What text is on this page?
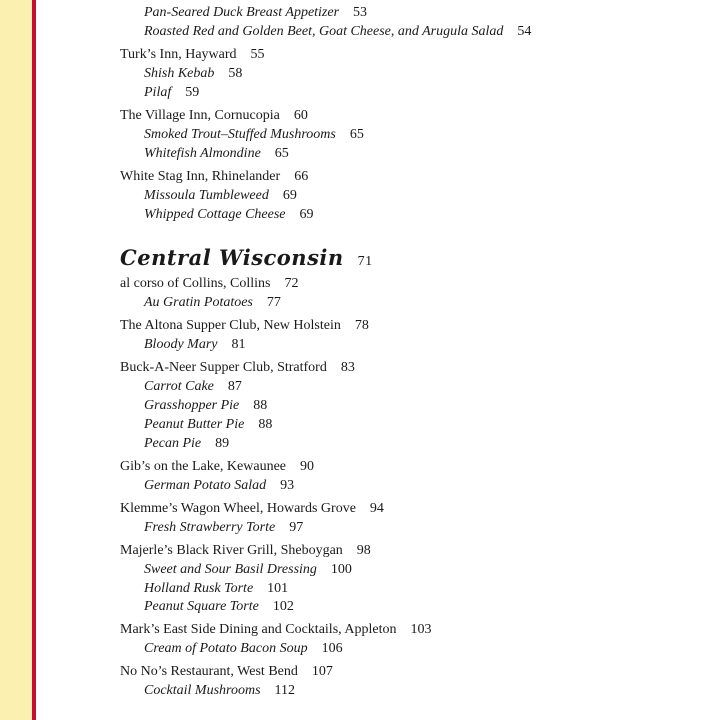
Pan-Seared Duck Breast Appetizer 53
Roasted Red and Golden Beet, Goat Cheese, and Arugula Salad 54
Turk’s Inn, Hayward 55
Shish Kebab 58
Pilaf 59
The Village Inn, Cornucopia 60
Smoked Trout–Stuffed Mushrooms 65
Whitefish Almondine 65
White Stag Inn, Rhinelander 66
Missoula Tumbleweed 69
Whipped Cottage Cheese 69
Central Wisconsin 71
al corso of Collins, Collins 72
Au Gratin Potatoes 77
The Altona Supper Club, New Holstein 78
Bloody Mary 81
Buck-A-Neer Supper Club, Stratford 83
Carrot Cake 87
Grasshopper Pie 88
Peanut Butter Pie 88
Pecan Pie 89
Gib’s on the Lake, Kewaunee 90
German Potato Salad 93
Klemme’s Wagon Wheel, Howards Grove 94
Fresh Strawberry Torte 97
Majerle’s Black River Grill, Sheboygan 98
Sweet and Sour Basil Dressing 100
Holland Rusk Torte 101
Peanut Square Torte 102
Mark’s East Side Dining and Cocktails, Appleton 103
Cream of Potato Bacon Soup 106
No No’s Restaurant, West Bend 107
Cocktail Mushrooms 112
